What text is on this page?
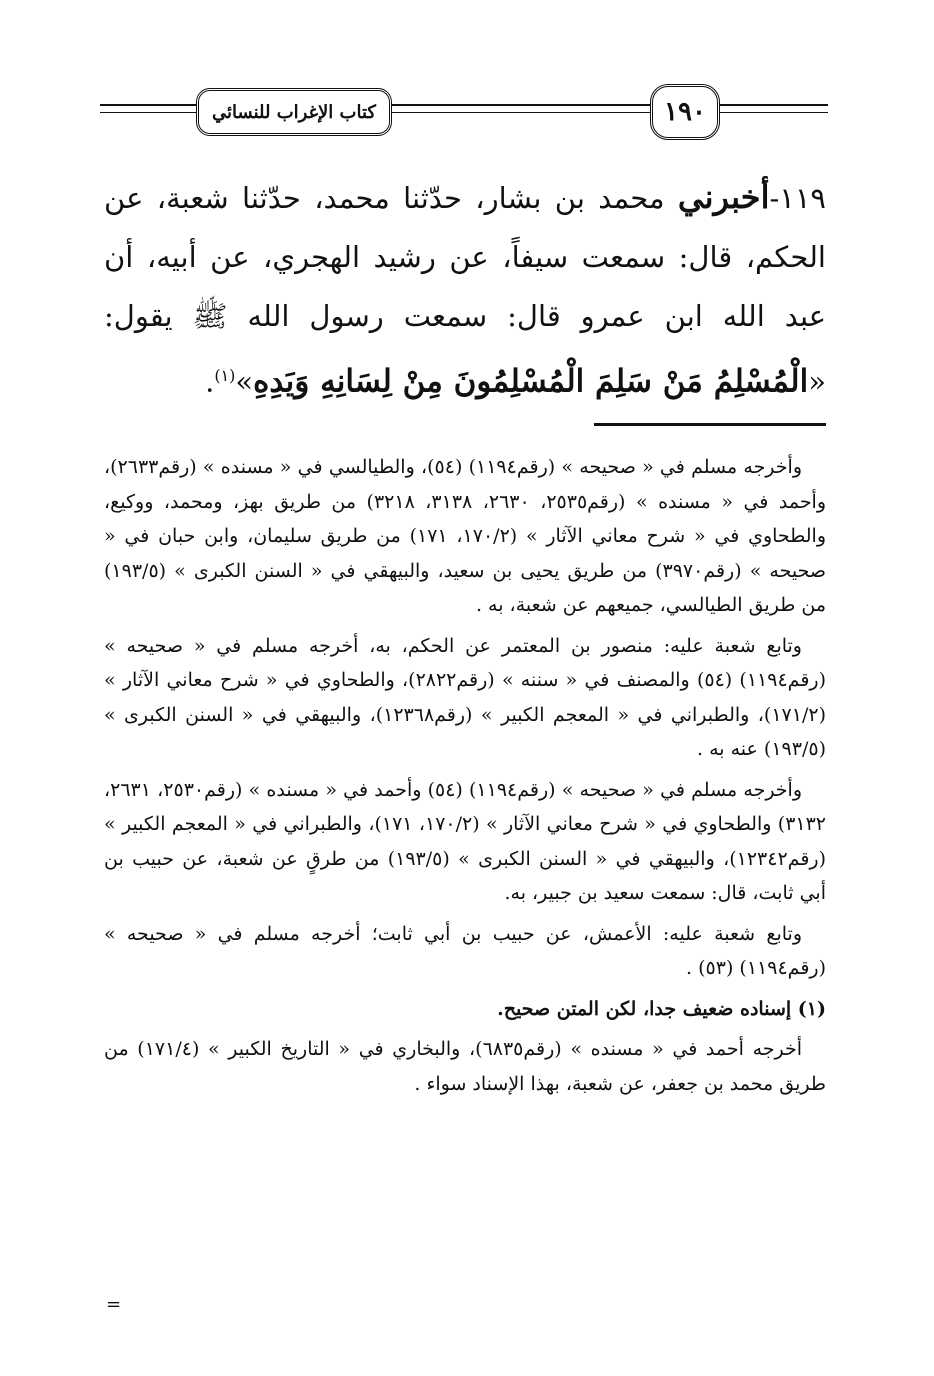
كتاب الإغراب للنسائي	١٩٠
١١٩-أخبرني محمد بن بشار، حدّثنا محمد، حدّثنا شعبة، عن الحكم، قال: سمعت سيفاً، عن رشيد الهجري، عن أبيه، أن عبد الله ابن عمرو قال: سمعت رسول الله ﷺ يقول: «الْمُسْلِمُ مَنْ سَلِمَ الْمُسْلِمُونَ مِنْ لِسَانِهِ وَيَدِهِ»$^{(١)}$.

وأخرجه مسلم في « صحيحه » (رقم١١٩٤) (٥٤)، والطيالسي في « مسنده » (رقم٢٦٣٣)، وأحمد في « مسنده » (رقم٢٥٣٥، ٢٦٣٠، ٣١٣٨، ٣٢١٨) من طريق بهز، ومحمد، ووكيع، والطحاوي في « شرح معاني الآثار » (١٧٠/٢، ١٧١) من طريق سليمان، وابن حبان في « صحيحه » (رقم٣٩٧٠) من طريق يحيى بن سعيد، والبيهقي في « السنن الكبرى » (١٩٣/٥) من طريق الطيالسي، جميعهم عن شعبة، به .

وتابع شعبة عليه: منصور بن المعتمر عن الحكم، به، أخرجه مسلم في « صحيحه » (رقم١١٩٤) (٥٤) والمصنف في « سننه » (رقم٢٨٢٢)، والطحاوي في « شرح معاني الآثار » (١٧١/٢)، والطبراني في « المعجم الكبير » (رقم١٢٣٦٨)، والبيهقي في « السنن الكبرى » (١٩٣/٥) عنه به .

وأخرجه مسلم في « صحيحه » (رقم١١٩٤) (٥٤) وأحمد في « مسنده » (رقم٢٥٣٠، ٢٦٣١، ٣١٣٢) والطحاوي في « شرح معاني الآثار » (١٧٠/٢، ١٧١)، والطبراني في « المعجم الكبير » (رقم١٢٣٤٢)، والبيهقي في « السنن الكبرى » (١٩٣/٥) من طرقٍ عن شعبة، عن حبيب بن أبي ثابت، قال: سمعت سعيد بن جبير، به.

وتابع شعبة عليه: الأعمش، عن حبيب بن أبي ثابت؛ أخرجه مسلم في « صحيحه » (رقم١١٩٤) (٥٣) .

(١) إسناده ضعيف جدا، لكن المتن صحيح.

أخرجه أحمد في « مسنده » (رقم٦٨٣٥)، والبخاري في « التاريخ الكبير » (١٧١/٤) من طريق محمد بن جعفر، عن شعبة، بهذا الإسناد سواء .

=
